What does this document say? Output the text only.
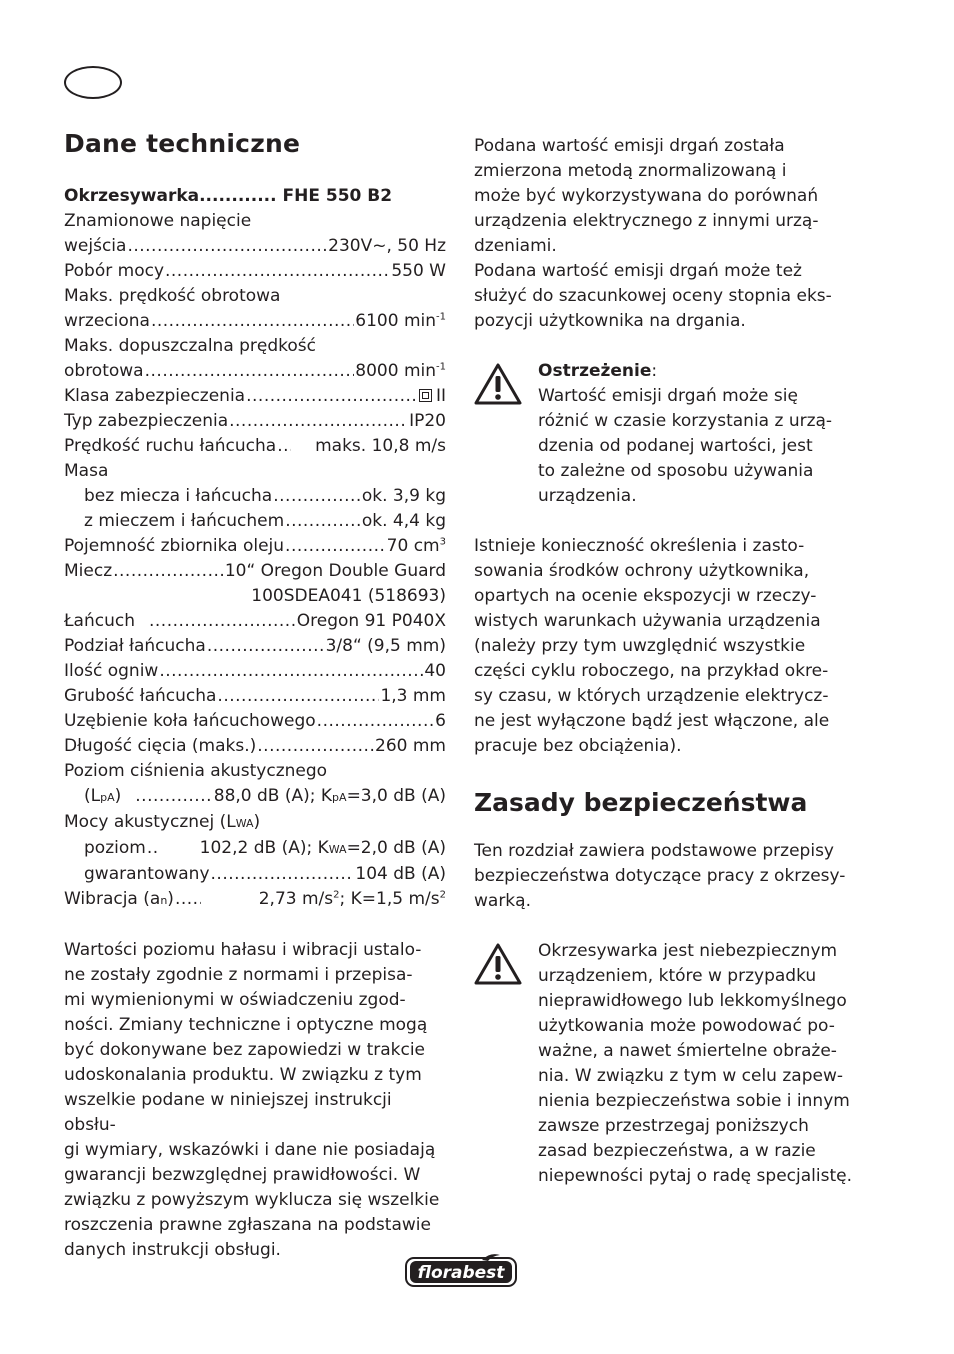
Dane techniczne
Okrzesywarka............ FHE 550 B2
Znamionowe napięcie
wejścia .....	230V~, 50 Hz
Pobór mocy .....	550 W
Maks. prędkość obrotowa
wrzeciona .....	6100 $\min^{-1}$
Maks. dopuszczalna prędkość
obrotowa .....	8000 $\min^{-1}$
Klasa zabezpieczenia .....	II
Typ zabezpieczenia .....	IP20
Prędkość ruchu łańcucha ..... maks. 10,8 m/s
Masa
bez miecza i łańcucha .....	ok. 3,9 kg
z mieczem i łańcuchem .....	ok. 4,4 kg
Pojemność zbiornika oleju .....	70 $cm^3$
Miecz .....	10“ Oregon Double Guard
100SDEA041 (518693)
Łańcuch .....	Oregon 91 P040X
Podział łańcucha .....	3/8“ (9,5 mm)
Ilość ogniw .....	40
Grubość łańcucha .....	1,3 mm
Uzębienie koła łańcuchowego .....	6
Długość cięcia (maks.) .....	260 mm
Poziom ciśnienia akustycznego
(LpA) .....	88,0 dB (A); KpA=3,0 dB (A)
Mocy akustycznej (LWA)
poziom .....	102,2 dB (A); KWA=2,0 dB (A)
gwarantowany .....	104 dB (A)
Wibracja (an) .....	2,73 $m/s^2$; K=1,5 $m/s^2$

Wartości poziomu hałasu i wibracji ustalo-

ne zostały zgodnie z normami i przepisa-

mi wymienionymi w oświadczeniu zgod-

ności. Zmiany techniczne i optyczne mogą

być dokonywane bez zapowiedzi w trakcie

udoskonalania produktu. W związku z tym

wszelkie podane w niniejszej instrukcji obsłu-

gi wymiary, wskazówki i dane nie posiadają

gwarancji bezwzględnej prawidłowości. W

związku z powyższym wyklucza się wszelkie

roszczenia prawne zgłaszana na podstawie

danych instrukcji obsługi.

Podana wartość emisji drgań została

zmierzona metodą znormalizowaną i

może być wykorzystywana do porównań

urządzenia elektrycznego z innymi urzą-

dzeniami.

Podana wartość emisji drgań może też

służyć do szacunkowej oceny stopnia eks-

pozycji użytkownika na drgania.

Ostrzeżenie:

Wartość emisji drgań może się

różnić w czasie korzystania z urzą-

dzenia od podanej wartości, jest

to zależne od sposobu używania

urządzenia.

Istnieje konieczność określenia i zasto-

sowania środków ochrony użytkownika,

opartych na ocenie ekspozycji w rzeczy-

wistych warunkach używania urządzenia

(należy przy tym uwzględnić wszystkie

części cyklu roboczego, na przykład okre-

sy czasu, w których urządzenie elektrycz-

ne jest wyłączone bądź jest włączone, ale

pracuje bez obciążenia).

Zasady bezpieczeństwa

Ten rozdział zawiera podstawowe przepisy

bezpieczeństwa dotyczące pracy z okrzesy-

warką.

Okrzesywarka jest niebezpiecznym

urządzeniem, które w przypadku

nieprawidłowego lub lekkomyślnego

użytkowania może powodować po-

ważne, a nawet śmiertelne obraże-

nia. W związku z tym w celu zapew-

nienia bezpieczeństwa sobie i innym

zawsze przestrzegaj poniższych

zasad bezpieczeństwa, a w razie

niepewności pytaj o radę specjalistę.

florabest
